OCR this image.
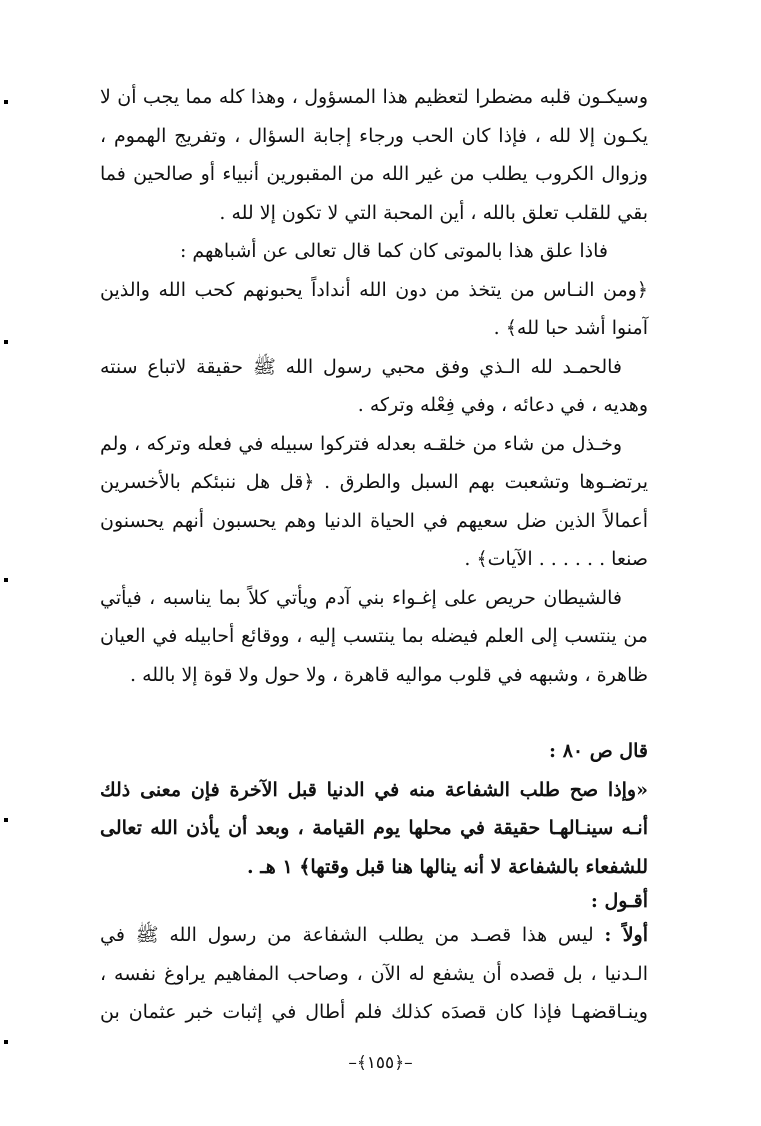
وسيكـون قلبه مضطرا لتعظيم هذا المسؤول ، وهذا كله مما يجب أن لا
يكـون إلا لله ، فإذا كان الحب ورجاء إجابة السؤال ، وتفريج الهموم ،
وزوال الكروب يطلب من غير الله من المقبورين أنبياء أو صالحين فما
بقي للقلب تعلق بالله ، أين المحبة التي لا تكون إلا لله .

فاذا علق هذا بالموتى كان كما قال تعالى عن أشباههم :
﴿ومن النـاس من يتخذ من دون الله أنداداً يحبونهم كحب الله والذين
آمنوا أشد حبا لله﴾ .

فالحمـد لله الـذي وفق محبي رسول الله ﷺ حقيقة لاتباع سنته
وهديه ، في دعائه ، وفي فِعْله وتركه .

وخـذل من شاء من خلقـه بعدله فتركوا سبيله في فعله وتركه ، ولم
يرتضـوها وتشعبت بهم السبل والطرق . ﴿قل هل ننبئكم بالأخسرين
أعمالاً الذين ضل سعيهم في الحياة الدنيا وهم يحسبون أنهم يحسنون
صنعا . . . . . . الآيات﴾ .

فالشيطان حريص على إغـواء بني آدم ويأتي كلاً بما يناسبه ، فيأتي
من ينتسب إلى العلم فيضله بما ينتسب إليه ، ووقائع أحابيله في العيان
ظاهرة ، وشبهه في قلوب مواليه قاهرة ، ولا حول ولا قوة إلا بالله .

قال ص ٨٠ :

«وإذا صح طلب الشفاعة منه في الدنيا قبل الآخرة فإن معنى ذلك
أنـه سينـالهـا حقيقة في محلها يوم القيامة ، وبعد أن يأذن الله تعالى
للشفعاء بالشفاعة لا أنه ينالها هنا قبل وقتها﴾ ١ هـ .

أقـول :

أولاً : ليس هذا قصـد من يطلب الشفاعة من رسول الله ﷺ في
الـدنيا ، بل قصده أن يشفع له الآن ، وصاحب المفاهيم يراوغ نفسه ،
وينـاقضهـا فإذا كان قصدَه كذلك فلم أطال في إثبات خبر عثمان بن

–﴿١٥٥﴾–
